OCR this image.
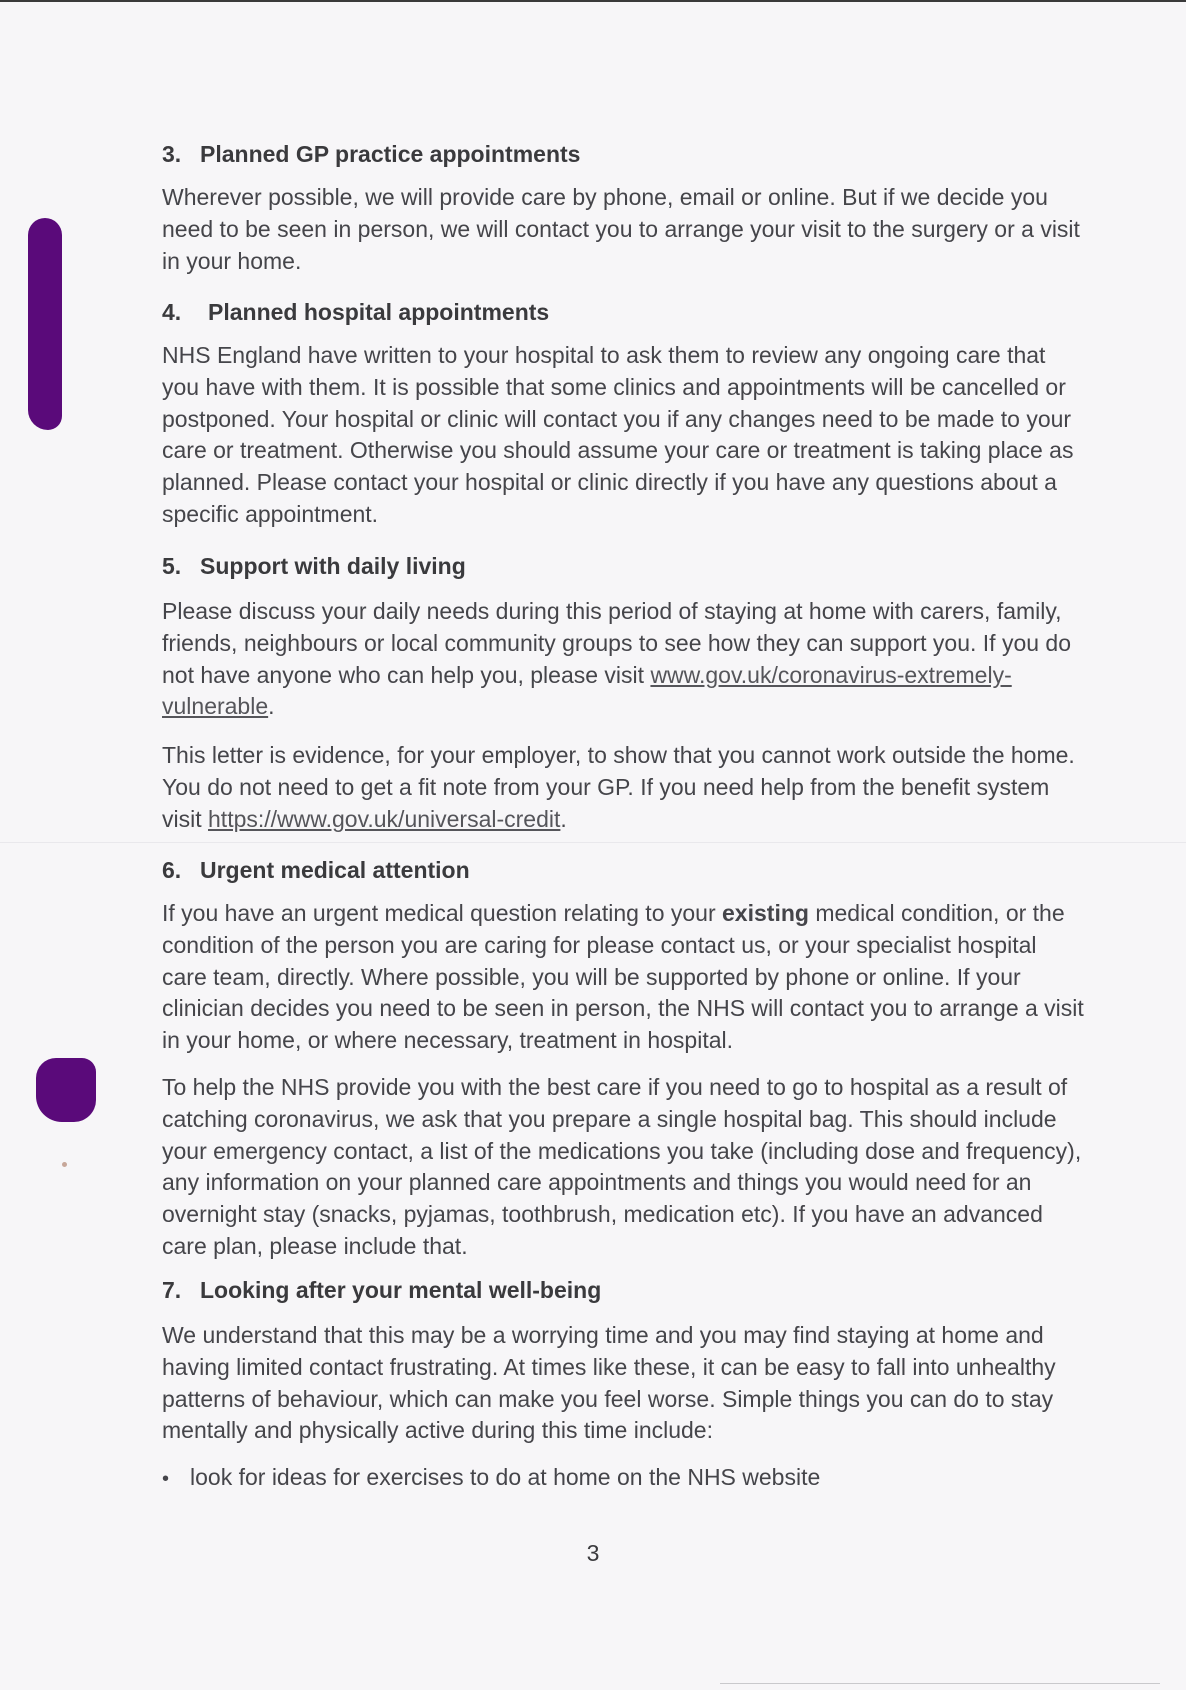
3. Planned GP practice appointments
Wherever possible, we will provide care by phone, email or online. But if we decide you need to be seen in person, we will contact you to arrange your visit to the surgery or a visit in your home.
4. Planned hospital appointments
NHS England have written to your hospital to ask them to review any ongoing care that you have with them. It is possible that some clinics and appointments will be cancelled or postponed. Your hospital or clinic will contact you if any changes need to be made to your care or treatment. Otherwise you should assume your care or treatment is taking place as planned. Please contact your hospital or clinic directly if you have any questions about a specific appointment.
5. Support with daily living
Please discuss your daily needs during this period of staying at home with carers, family, friends, neighbours or local community groups to see how they can support you. If you do not have anyone who can help you, please visit www.gov.uk/coronavirus-extremely-vulnerable.
This letter is evidence, for your employer, to show that you cannot work outside the home. You do not need to get a fit note from your GP. If you need help from the benefit system visit https://www.gov.uk/universal-credit.
6. Urgent medical attention
If you have an urgent medical question relating to your existing medical condition, or the condition of the person you are caring for please contact us, or your specialist hospital care team, directly. Where possible, you will be supported by phone or online. If your clinician decides you need to be seen in person, the NHS will contact you to arrange a visit in your home, or where necessary, treatment in hospital.
To help the NHS provide you with the best care if you need to go to hospital as a result of catching coronavirus, we ask that you prepare a single hospital bag. This should include your emergency contact, a list of the medications you take (including dose and frequency), any information on your planned care appointments and things you would need for an overnight stay (snacks, pyjamas, toothbrush, medication etc). If you have an advanced care plan, please include that.
7. Looking after your mental well-being
We understand that this may be a worrying time and you may find staying at home and having limited contact frustrating. At times like these, it can be easy to fall into unhealthy patterns of behaviour, which can make you feel worse. Simple things you can do to stay mentally and physically active during this time include:
• look for ideas for exercises to do at home on the NHS website
3
